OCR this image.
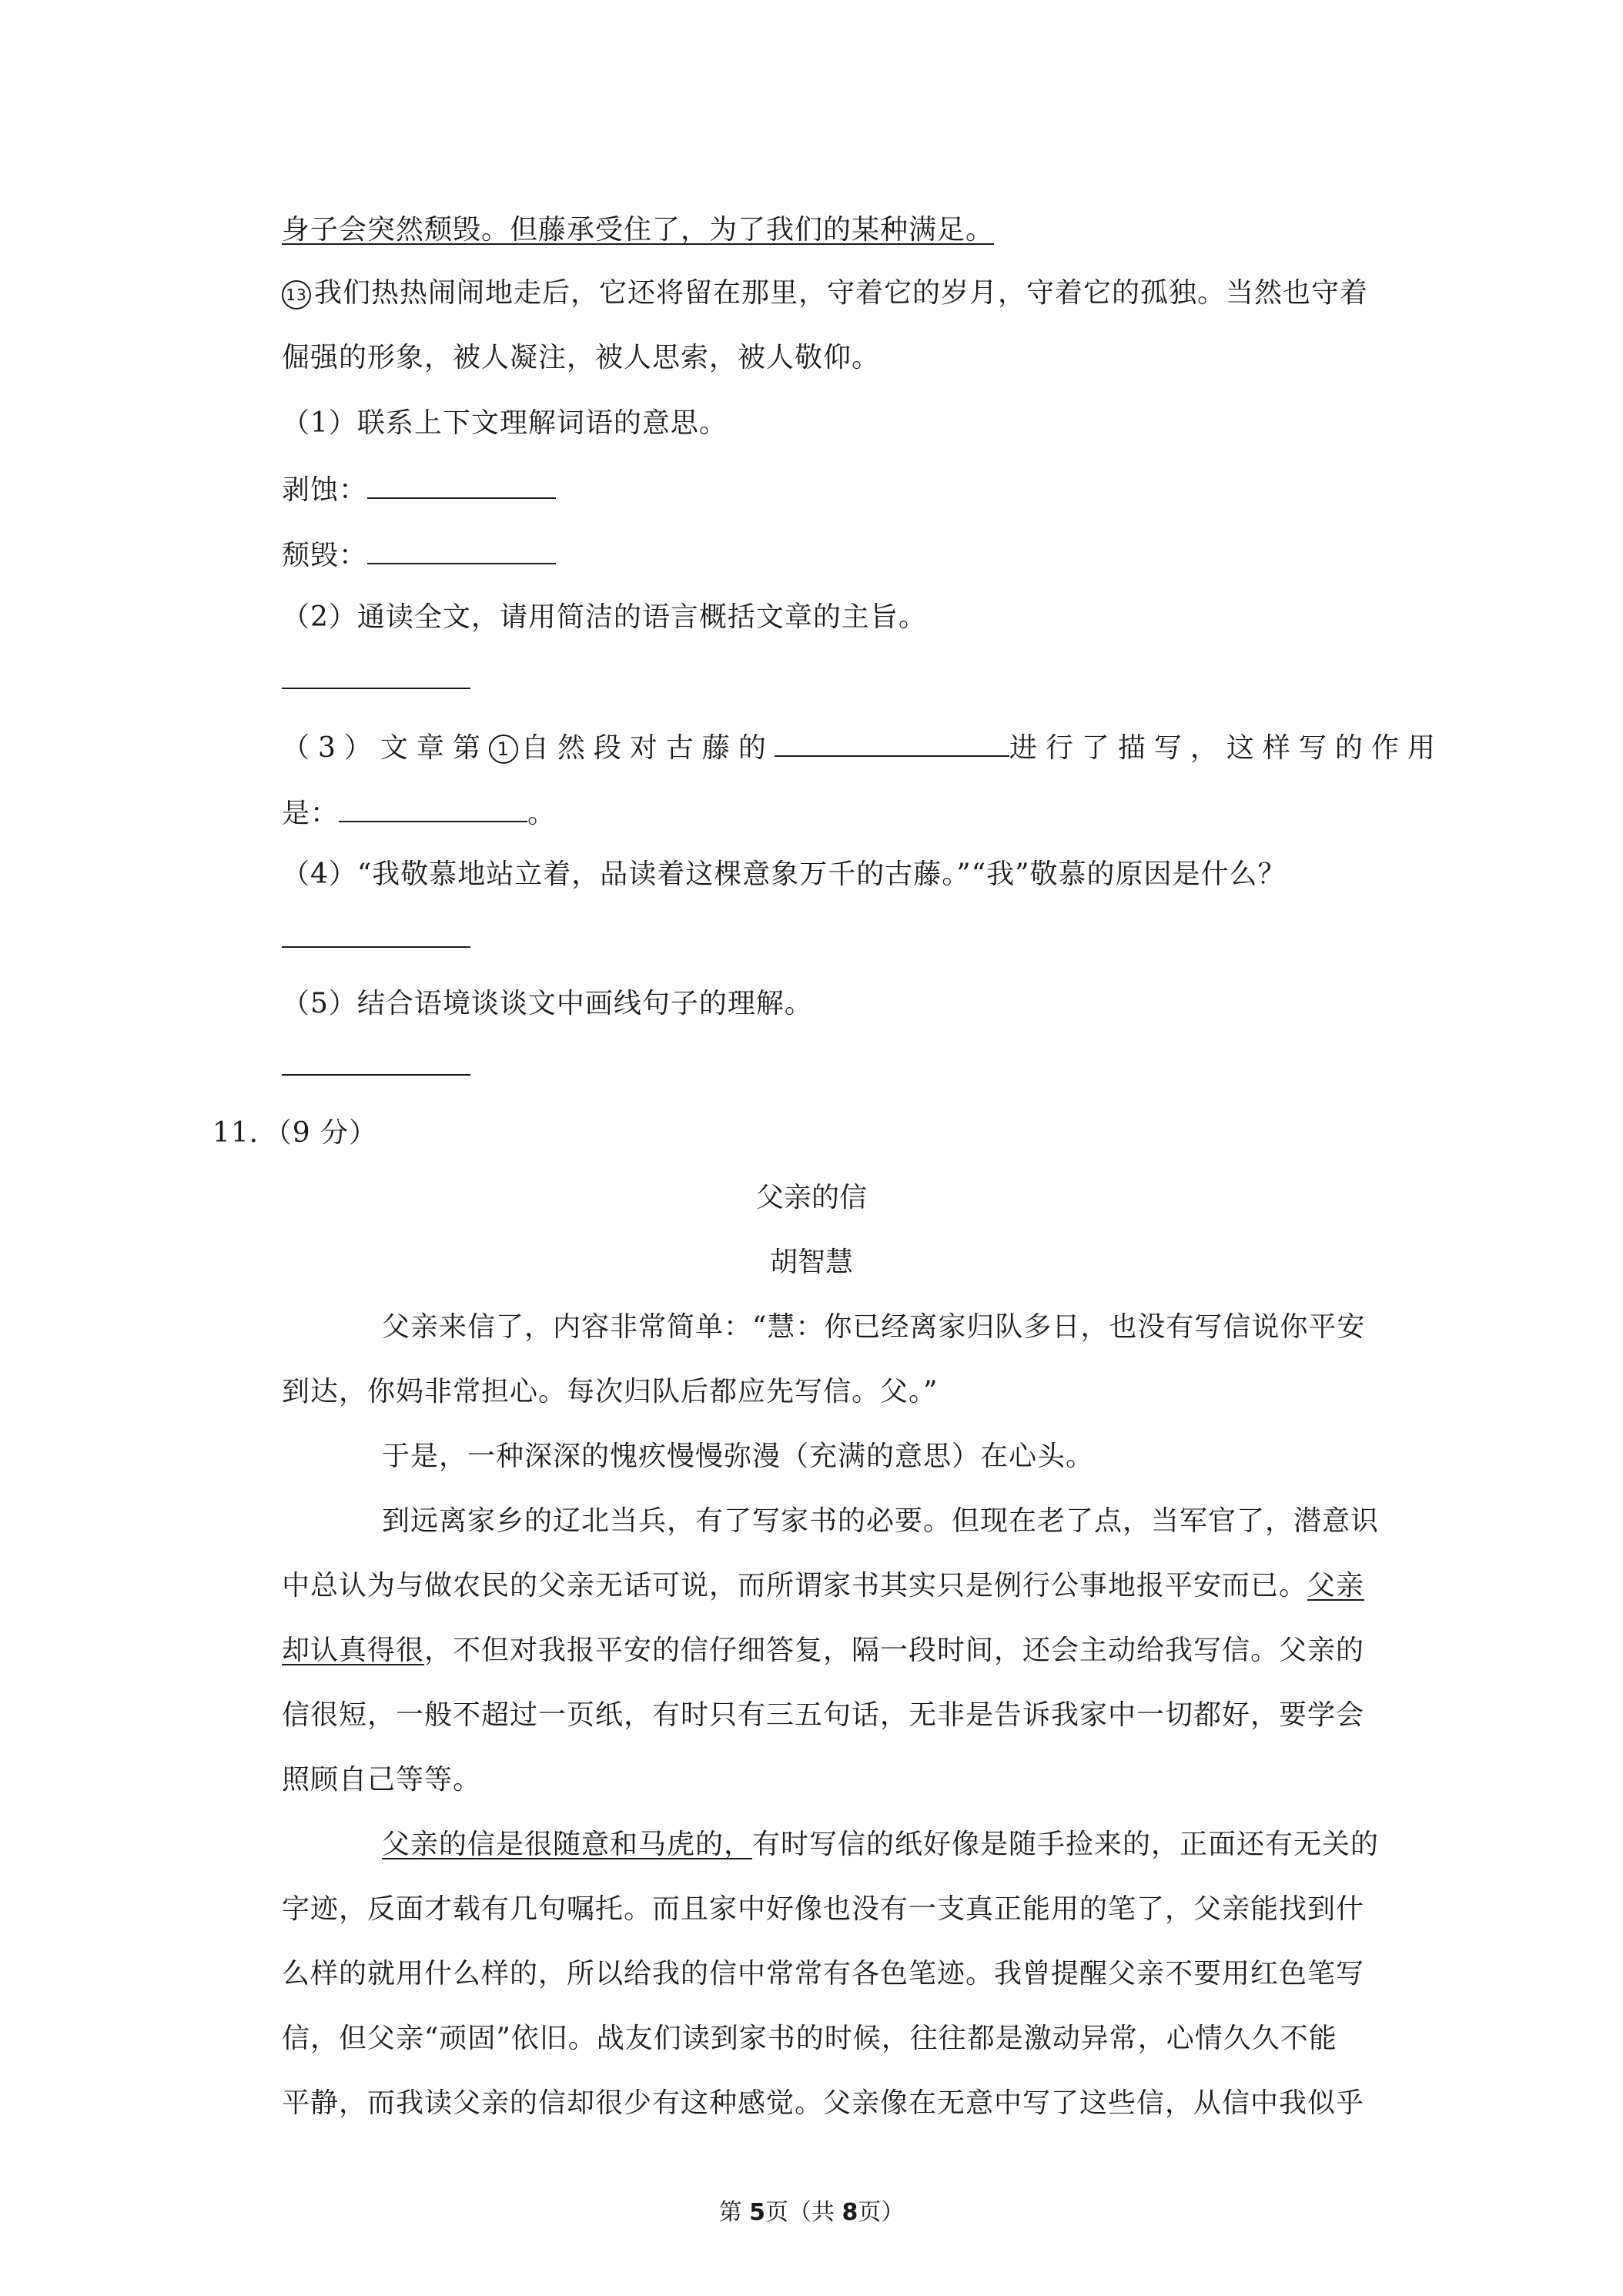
身子会突然颓毁。但藤承受住了，为了我们的某种满足。
13 我们热热闹闹地走后，它还将留在那里，守着它的岁月，守着它的孤独。当然也守着
倔强的形象，被人凝注，被人思索，被人敬仰。
（1）联系上下文理解词语的意思。
剥蚀：
颓毁：
（2）通读全文，请用简洁的语言概括文章的主旨。
（3）文章第 1 自然段对古藤的	进行了描写，这样写的作用
是：	。
（4）“我敬慕地站立着，品读着这棵意象万千的古藤。”“我”敬慕的原因是什么？
（5）结合语境谈谈文中画线句子的理解。
11．（9 分）
父亲的信
胡智慧
父亲来信了，内容非常简单：“慧：你已经离家归队多日，也没有写信说你平安
到达，你妈非常担心。每次归队后都应先写信。父。”
于是，一种深深的愧疚慢慢弥漫（充满的意思）在心头。
到远离家乡的辽北当兵，有了写家书的必要。但现在老了点，当军官了，潜意识
中总认为与做农民的父亲无话可说，而所谓家书其实只是例行公事地报平安而已。父亲
却认真得很，不但对我报平安的信仔细答复，隔一段时间，还会主动给我写信。父亲的
信很短，一般不超过一页纸，有时只有三五句话，无非是告诉我家中一切都好，要学会
照顾自己等等。
父亲的信是很随意和马虎的，有时写信的纸好像是随手捡来的，正面还有无关的
字迹，反面才载有几句嘱托。而且家中好像也没有一支真正能用的笔了，父亲能找到什
么样的就用什么样的，所以给我的信中常常有各色笔迹。我曾提醒父亲不要用红色笔写
信，但父亲“顽固”依旧。战友们读到家书的时候，往往都是激动异常，心情久久不能
平静，而我读父亲的信却很少有这种感觉。父亲像在无意中写了这些信，从信中我似乎
第 5页（共 8页）
